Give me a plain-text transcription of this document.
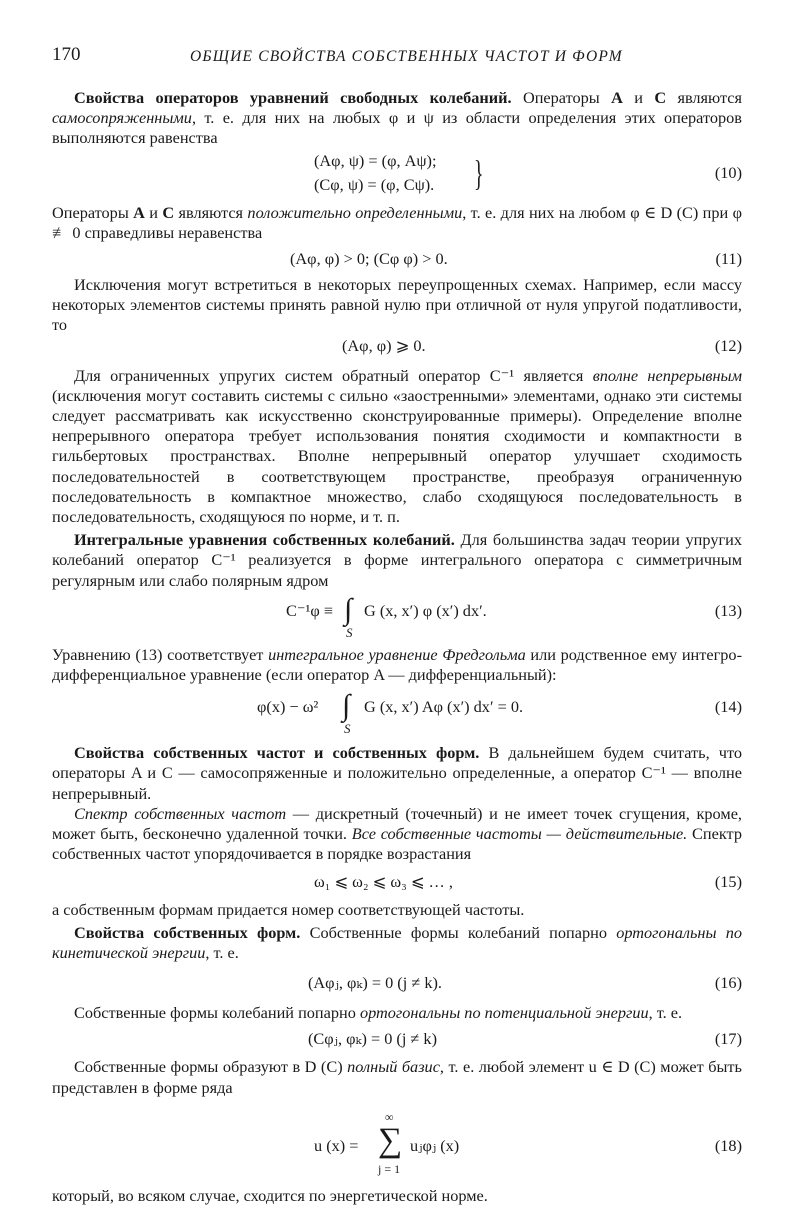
170	ОБЩИЕ СВОЙСТВА СОБСТВЕННЫХ ЧАСТОТ И ФОРМ

Свойства операторов уравнений свободных колебаний. Операторы A и C являются самосопряженными, т. е. для них на любых φ и ψ из области определения этих операторов выполняются равенства

(Aφ, ψ) = (φ, Aψ);
(Cφ, ψ) = (φ, Cψ). }	(10)

Операторы A и C являются положительно определенными, т. е. для них на любом φ ∈ D (C) при φ ≢ 0 справедливы неравенства

(Aφ, φ) > 0; (Cφ φ) > 0.	(11)

Исключения могут встретиться в некоторых переупрощенных схемах. Например, если массу некоторых элементов системы принять равной нулю при отличной от нуля упругой податливости, то

(Aφ, φ) ⩾ 0.	(12)

Для ограниченных упругих систем обратный оператор C⁻¹ является вполне непрерывным (исключения могут составить системы с сильно «заостренными» элементами, однако эти системы следует рассматривать как искусственно сконструированные примеры). Определение вполне непрерывного оператора требует использования понятия сходимости и компактности в гильбертовых пространствах. Вполне непрерывный оператор улучшает сходимость последовательностей в соответствующем пространстве, преобразуя ограниченную последовательность в компактное множество, слабо сходящуюся последовательность в последовательность, сходящуюся по норме, и т. п.

Интегральные уравнения собственных колебаний. Для большинства задач теории упругих колебаний оператор C⁻¹ реализуется в форме интегрального оператора с симметричным регулярным или слабо полярным ядром

C⁻¹φ ≡ ∫
S
G (x, x′) φ (x′) dx′.	(13)

Уравнению (13) соответствует интегральное уравнение Фредгольма или родственное ему интегро-дифференциальное уравнение (если оператор A — дифференциальный):

φ(x) − ω² ∫
S
G (x, x′) Aφ (x′) dx′ = 0.	(14)

Свойства собственных частот и собственных форм. В дальнейшем будем считать, что операторы A и C — самосопряженные и положительно определенные, а оператор C⁻¹ — вполне непрерывный.

Спектр собственных частот — дискретный (точечный) и не имеет точек сгущения, кроме, может быть, бесконечно удаленной точки. Все собственные частоты — действительные. Спектр собственных частот упорядочивается в порядке возрастания

ω₁ ⩽ ω₂ ⩽ ω₃ ⩽ … ,	(15)

а собственным формам придается номер соответствующей частоты.

Свойства собственных форм. Собственные формы колебаний попарно ортогональны по кинетической энергии, т. е.

(Aφⱼ, φₖ) = 0 (j ≠ k).	(16)

Собственные формы колебаний попарно ортогональны по потенциальной энергии, т. е.

(Cφⱼ, φₖ) = 0 (j ≠ k)	(17)

Собственные формы образуют в D (C) полный базис, т. е. любой элемент u ∈ D (C) может быть представлен в форме ряда

u (x) =
∞
∑
j = 1
uⱼφⱼ (x)	(18)

который, во всяком случае, сходится по энергетической норме.
